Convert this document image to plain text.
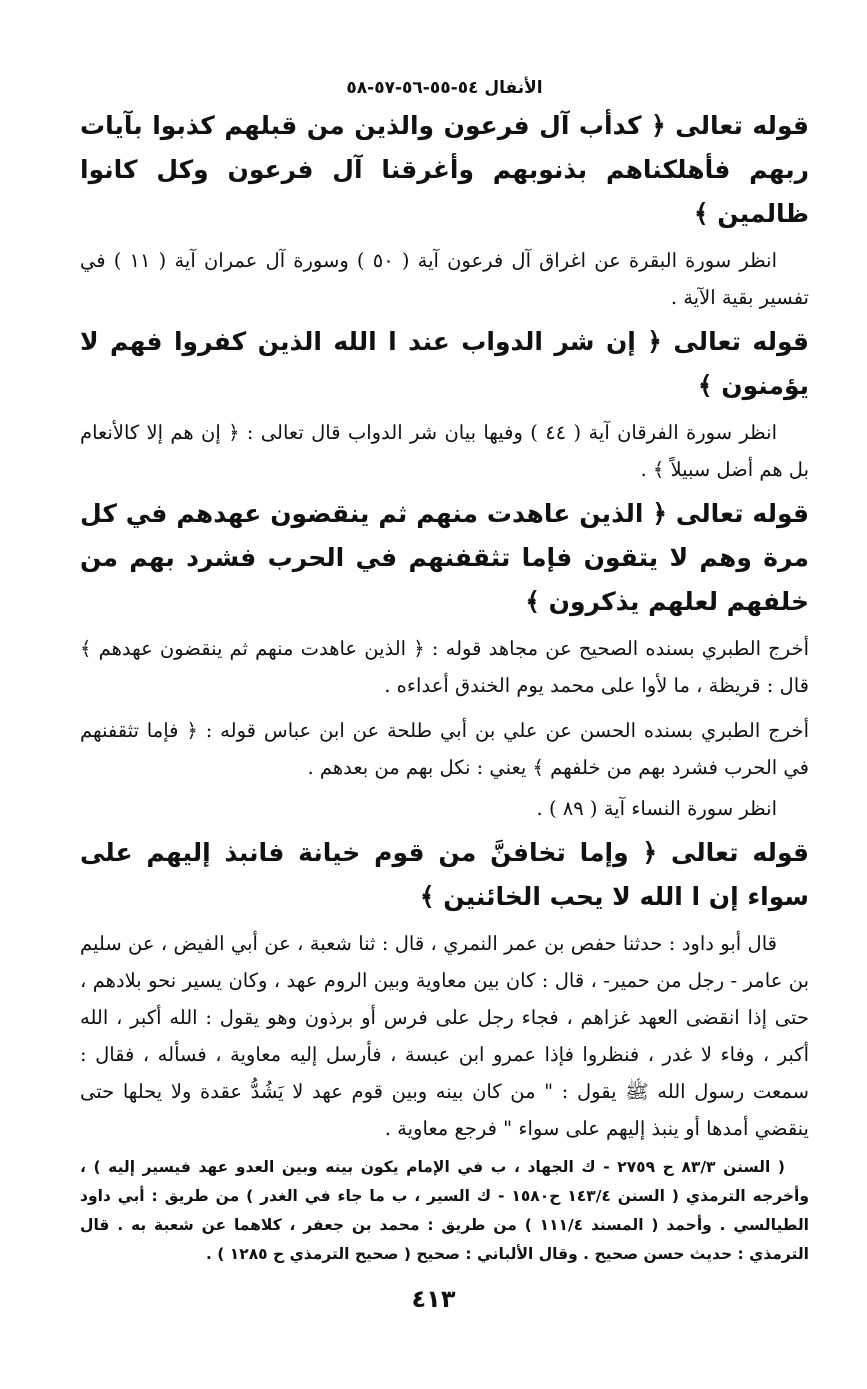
الأنفال ٥٤-٥٥-٥٦-٥٧-٥٨
قوله تعالى ﴿ كدأب آل فرعون والذين من قبلهم كذبوا بآيات ربهم فأهلكناهم بذنوبهم وأغرقنا آل فرعون وكل كانوا ظالمين ﴾

انظر سورة البقرة عن اغراق آل فرعون آية ( ٥٠ ) وسورة آل عمران آية ( ١١ ) في تفسير بقية الآية .

قوله تعالى ﴿ إن شر الدواب عند ا الله الذين كفروا فهم لا يؤمنون ﴾

انظر سورة الفرقان آية ( ٤٤ ) وفيها بيان شر الدواب قال تعالى : ﴿ إن هم إلا كالأنعام بل هم أضل سبيلاً ﴾ .

قوله تعالى ﴿ الذين عاهدت منهم ثم ينقضون عهدهم في كل مرة وهم لا يتقون فإما تثقفنهم في الحرب فشرد بهم من خلفهم لعلهم يذكرون ﴾

أخرج الطبري بسنده الصحيح عن مجاهد قوله : ﴿ الذين عاهدت منهم ثم ينقضون عهدهم ﴾ قال : قريظة ، ما لأوا على محمد يوم الخندق أعداءه .

أخرج الطبري بسنده الحسن عن علي بن أبي طلحة عن ابن عباس قوله : ﴿ فإما تثقفنهم في الحرب فشرد بهم من خلفهم ﴾ يعني : نكل بهم من بعدهم .

انظر سورة النساء آية ( ٨٩ ) .

قوله تعالى ﴿ وإما تخافنَّ من قوم خيانة فانبذ إليهم على سواء إن ا الله لا يحب الخائنين ﴾

قال أبو داود : حدثنا حفص بن عمر النمري ، قال : ثنا شعبة ، عن أبي الفيض ، عن سليم بن عامر - رجل من حمير- ، قال : كان بين معاوية وبين الروم عهد ، وكان يسير نحو بلادهم ، حتى إذا انقضى العهد غزاهم ، فجاء رجل على فرس أو برذون وهو يقول : الله أكبر ، الله أكبر ، وفاء لا غدر ، فنظروا فإذا عمرو ابن عبسة ، فأرسل إليه معاوية ، فسأله ، فقال : سمعت رسول الله ﷺ يقول : " من كان بينه وبين قوم عهد لا يَشُدُّ عقدة ولا يحلها حتى ينقضي أمدها أو ينبذ إليهم على سواء " فرجع معاوية .

( السنن ٨٣/٣ ح ٢٧٥٩ - ك الجهاد ، ب في الإمام يكون بينه وبين العدو عهد فيسير إليه ) ، وأخرجه الترمذي ( السنن ١٤٣/٤ ح١٥٨٠ - ك السير ، ب ما جاء في الغدر ) من طريق : أبي داود الطيالسي . وأحمد ( المسند ١١١/٤ ) من طريق : محمد بن جعفر ، كلاهما عن شعبة به . قال الترمذي : حديث حسن صحيح . وقال الألباني : صحيح ( صحيح الترمذي ح ١٢٨٥ ) .

٤١٣
